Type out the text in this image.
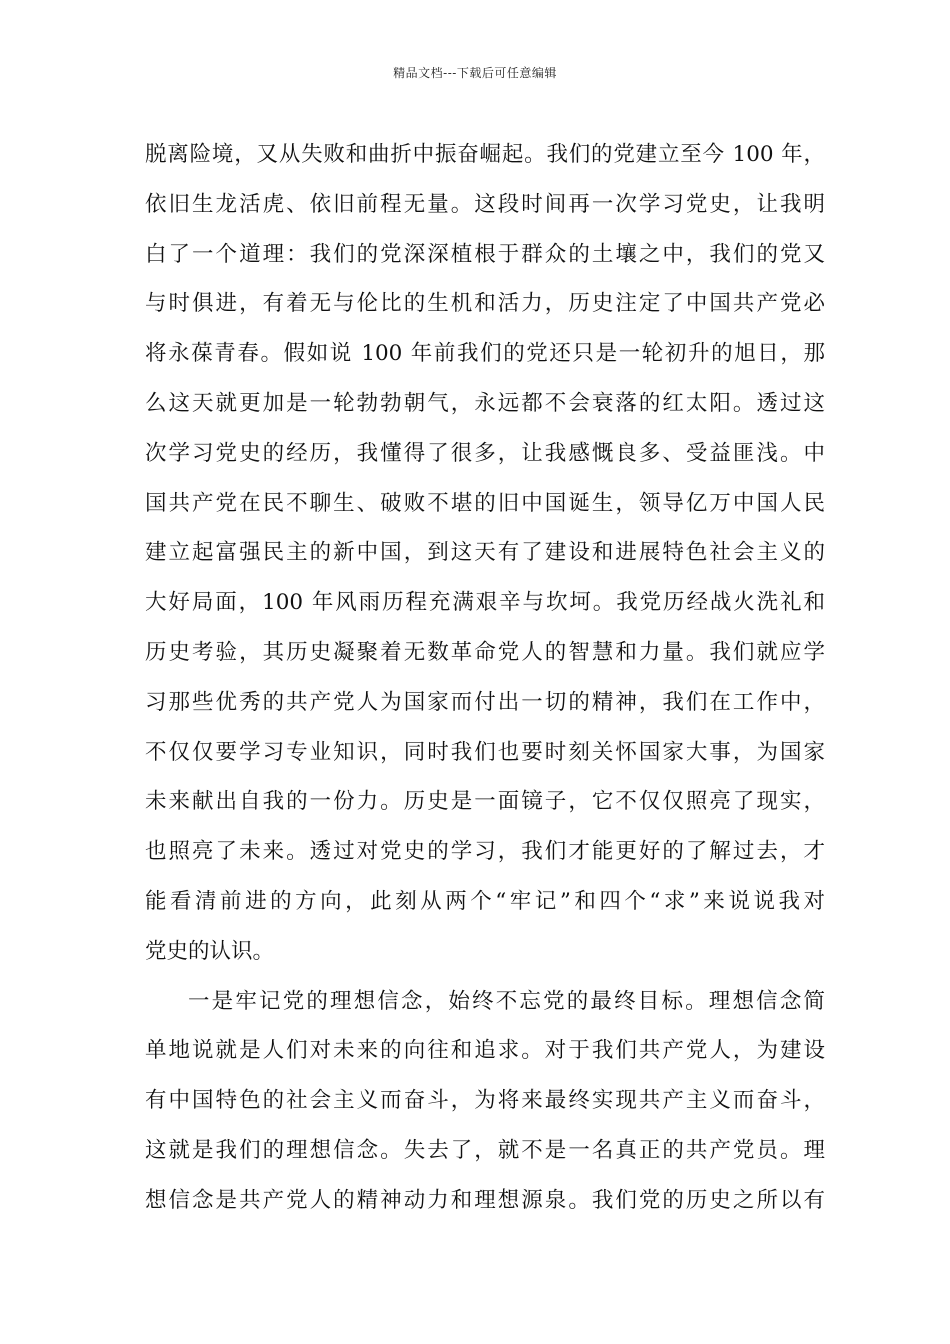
精品文档---下载后可任意编辑
脱离险境，又从失败和曲折中振奋崛起。我们的党建立至今 100 年，
依旧生龙活虎、依旧前程无量。这段时间再一次学习党史，让我明
白了一个道理：我们的党深深植根于群众的土壤之中，我们的党又
与时俱进，有着无与伦比的生机和活力，历史注定了中国共产党必
将永葆青春。假如说 100 年前我们的党还只是一轮初升的旭日，那
么这天就更加是一轮勃勃朝气，永远都不会衰落的红太阳。透过这
次学习党史的经历，我懂得了很多，让我感慨良多、受益匪浅。中
国共产党在民不聊生、破败不堪的旧中国诞生，领导亿万中国人民
建立起富强民主的新中国，到这天有了建设和进展特色社会主义的
大好局面，100 年风雨历程充满艰辛与坎坷。我党历经战火洗礼和
历史考验，其历史凝聚着无数革命党人的智慧和力量。我们就应学
习那些优秀的共产党人为国家而付出一切的精神，我们在工作中，
不仅仅要学习专业知识，同时我们也要时刻关怀国家大事，为国家
未来献出自我的一份力。历史是一面镜子，它不仅仅照亮了现实，
也照亮了未来。透过对党史的学习，我们才能更好的了解过去，才
能看清前进的方向，此刻从两个“牢记”和四个“求”来说说我对
党史的认识。
一是牢记党的理想信念，始终不忘党的最终目标。理想信念简
单地说就是人们对未来的向往和追求。对于我们共产党人，为建设
有中国特色的社会主义而奋斗，为将来最终实现共产主义而奋斗，
这就是我们的理想信念。失去了，就不是一名真正的共产党员。理
想信念是共产党人的精神动力和理想源泉。我们党的历史之所以有
